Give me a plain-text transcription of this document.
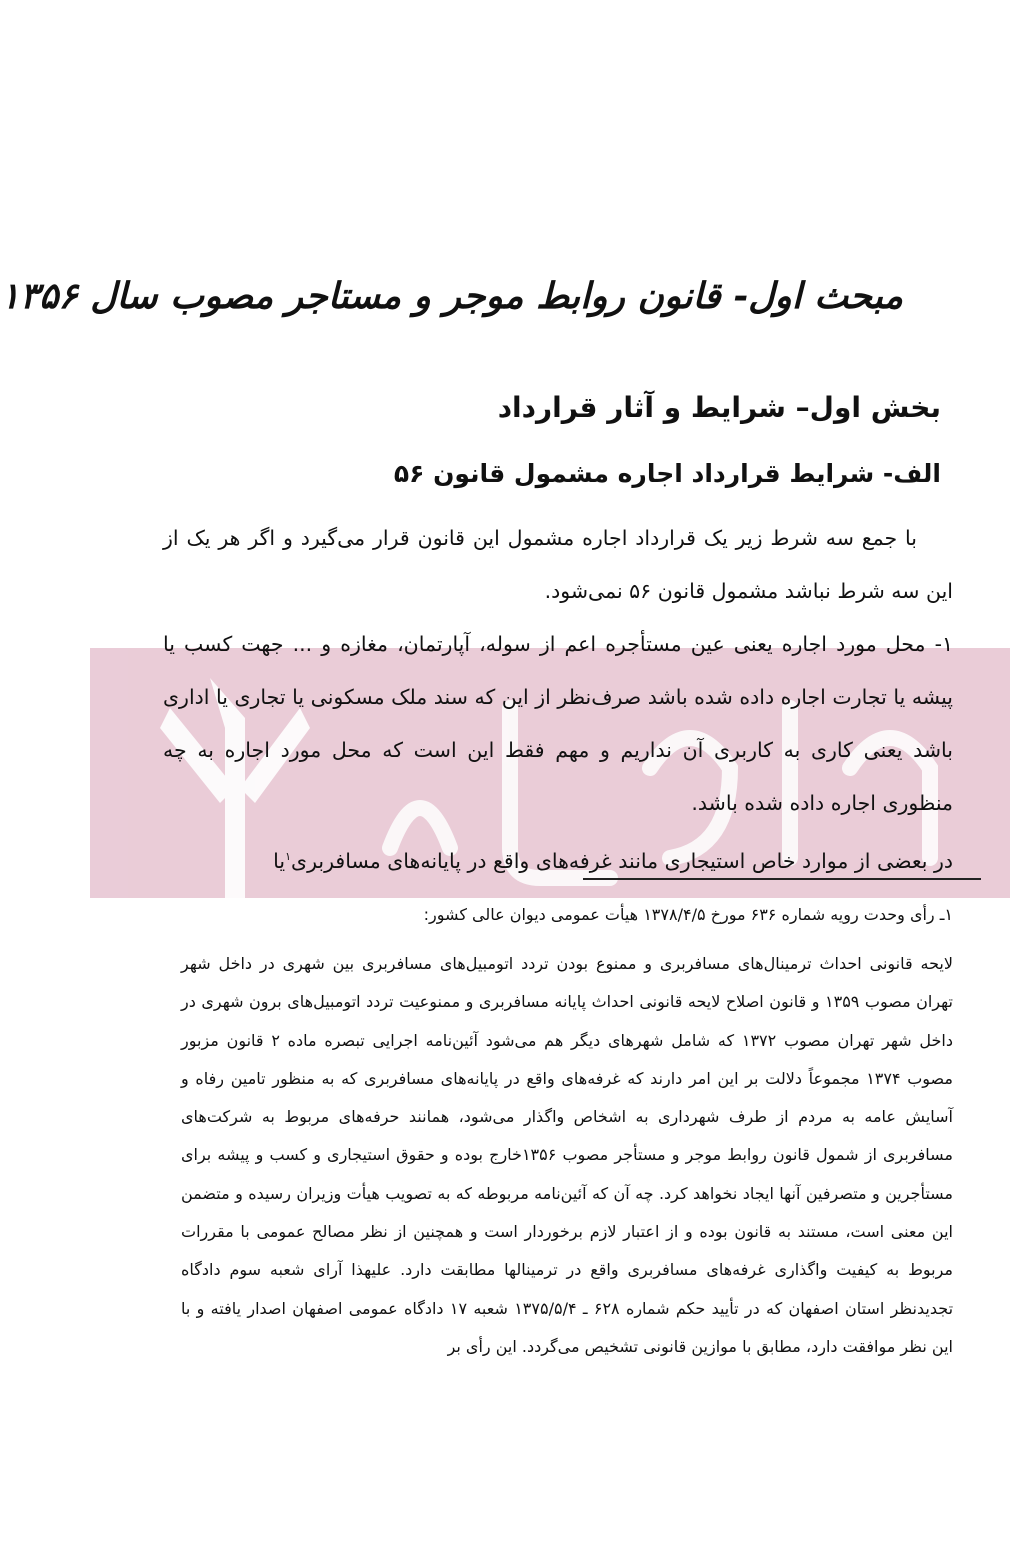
مبحث اول- قانون روابط موجر و مستاجر مصوب سال ۱۳۵۶
بخش اول– شرایط و آثار قرارداد
الف- شرایط قرارداد اجاره مشمول قانون ۵۶

با جمع سه شرط زیر یک قرارداد اجاره مشمول این قانون قرار می‌گیرد و اگر هر یک از این سه شرط نباشد مشمول قانون ۵۶ نمی‌شود.

۱- محل مورد اجاره یعنی عین مستأجره اعم از سوله، آپارتمان، مغازه و ... جهت کسب یا پیشه یا تجارت اجاره داده شده باشد صرف‌نظر از این که سند ملک مسکونی یا تجاری یا اداری باشد یعنی کاری به کاربری آن نداریم و مهم فقط این است که محل مورد اجاره به چه منظوری اجاره داده شده باشد.

در بعضی از موارد خاص استیجاری مانند غرفه‌های واقع در پایانه‌های مسافربری$^۱$یا

۱ـ رأی وحدت رویه شماره ۶۳۶ مورخ ۱۳۷۸/۴/۵ هیأت عمومی دیوان عالی کشور:

لایحه قانونی احداث ترمینال‌های مسافربری و ممنوع بودن تردد اتومبیل‌های مسافربری بین شهری در داخل شهر تهران مصوب ۱۳۵۹ و قانون اصلاح لایحه قانونی احداث پایانه مسافربری و ممنوعیت تردد اتومبیل‌های برون شهری در داخل شهر تهران مصوب ۱۳۷۲ که شامل شهرهای دیگر هم می‌شود آئین‌نامه اجرایی تبصره ماده ۲ قانون مزبور مصوب ۱۳۷۴ مجموعاً دلالت بر این امر دارند که غرفه‌های واقع در پایانه‌های مسافربری که به منظور تامین رفاه و آسایش عامه به مردم از طرف شهرداری به اشخاص واگذار می‌شود، همانند حرفه‌های مربوط به شرکت‌های مسافربری از شمول قانون روابط موجر و مستأجر مصوب ۱۳۵۶خارج بوده و حقوق استیجاری و کسب و پیشه برای مستأجرین و متصرفین آنها ایجاد نخواهد کرد. چه آن که آئین‌نامه مربوطه که به تصویب هیأت وزیران رسیده و متضمن این معنی است، مستند به قانون بوده و از اعتبار لازم برخوردار است و همچنین از نظر مصالح عمومی با مقررات مربوط به کیفیت واگذاری غرفه‌های مسافربری واقع در ترمینالها مطابقت دارد. علیهذا آرای شعبه سوم دادگاه تجدیدنظر استان اصفهان که در تأیید حکم شماره ۶۲۸ ـ ۱۳۷۵/۵/۴ شعبه ۱۷ دادگاه عمومی اصفهان اصدار یافته و با این نظر موافقت دارد، مطابق با موازین قانونی تشخیص می‌گردد. این رأی بر
